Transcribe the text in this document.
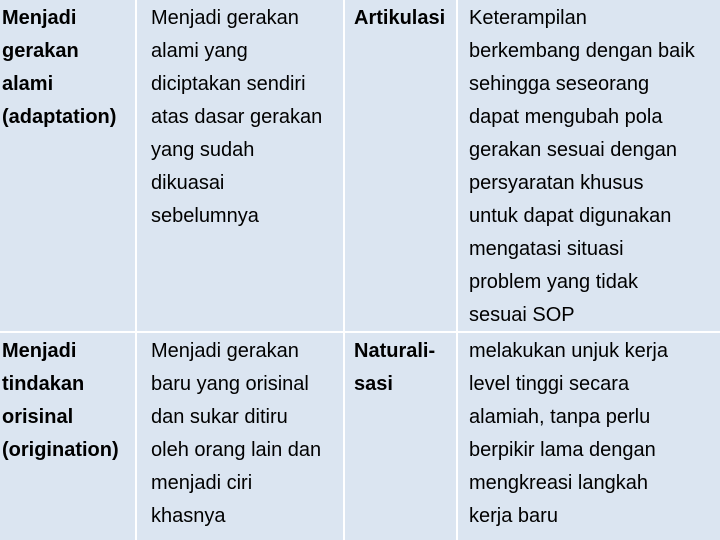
Menjadi
gerakan
alami
(adaptation)
Menjadi gerakan
alami yang
diciptakan sendiri
atas dasar gerakan
yang sudah
dikuasai
sebelumnya
Artikulasi	Keterampilan
berkembang dengan baik
sehingga seseorang
dapat mengubah pola
gerakan sesuai dengan
persyaratan khusus
untuk dapat digunakan
mengatasi situasi
problem yang tidak
sesuai SOP
Menjadi
tindakan
orisinal
(origination)
Menjadi gerakan
baru yang orisinal
dan sukar ditiru
oleh orang lain dan
menjadi ciri
khasnya
Naturali-
sasi
melakukan unjuk kerja
level tinggi secara
alamiah, tanpa perlu
berpikir lama dengan
mengkreasi langkah
kerja baru
